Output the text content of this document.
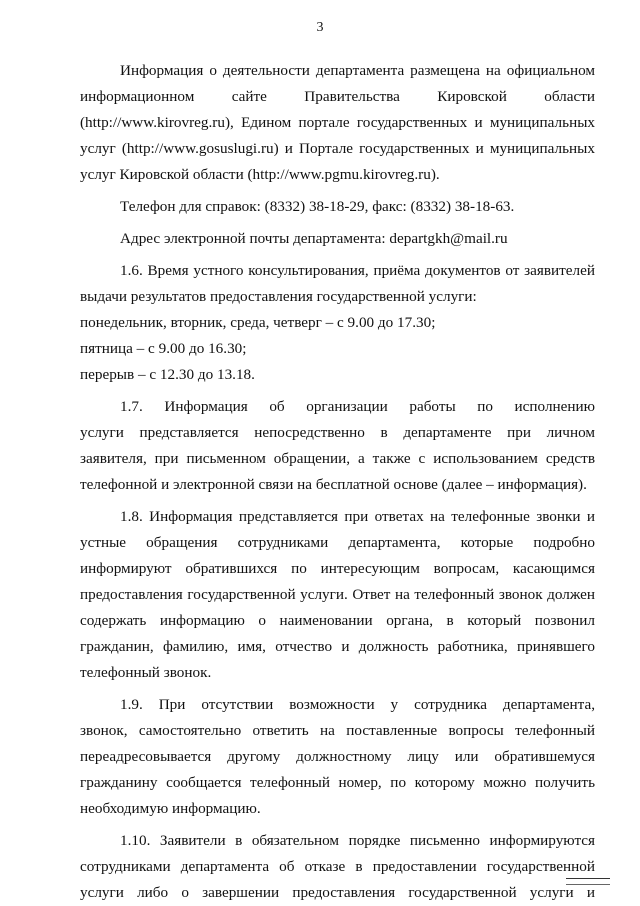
3
Информация о деятельности департамента размещена на официальном
информационном сайте Правительства Кировской области
(http://www.kirovreg.ru), Едином портале государственных и муниципальных
услуг (http://www.gosuslugi.ru) и Портале государственных и муниципальных
услуг Кировской области (http://www.pgmu.kirovreg.ru).
Телефон для справок: (8332) 38-18-29, факс: (8332) 38-18-63.
Адрес электронной почты департамента: departgkh@mail.ru
1.6. Время устного консультирования, приёма документов от заявителей
выдачи результатов предоставления государственной услуги:
понедельник, вторник, среда, четверг – с 9.00 до 17.30;
пятница – с 9.00 до 16.30;
перерыв – с 12.30 до 13.18.
1.7. Информация об организации работы по исполнению
услуги представляется непосредственно в департаменте при личном
заявителя, при письменном обращении, а также с использованием средств
телефонной и электронной связи на бесплатной основе (далее – информация).
1.8. Информация представляется при ответах на телефонные звонки и
устные обращения сотрудниками департамента, которые подробно
информируют обратившихся по интересующим вопросам, касающимся
предоставления государственной услуги. Ответ на телефонный звонок должен
содержать информацию о наименовании органа, в который позвонил
гражданин, фамилию, имя, отчество и должность работника, принявшего
телефонный звонок.
1.9. При отсутствии возможности у сотрудника департамента,
звонок, самостоятельно ответить на поставленные вопросы телефонный
переадресовывается другому должностному лицу или обратившемуся
гражданину сообщается телефонный номер, по которому можно получить
необходимую информацию.
1.10. Заявители в обязательном порядке письменно информируются
сотрудниками департамента об отказе в предоставлении государственной
услуги либо о завершении предоставления государственной услуги и
